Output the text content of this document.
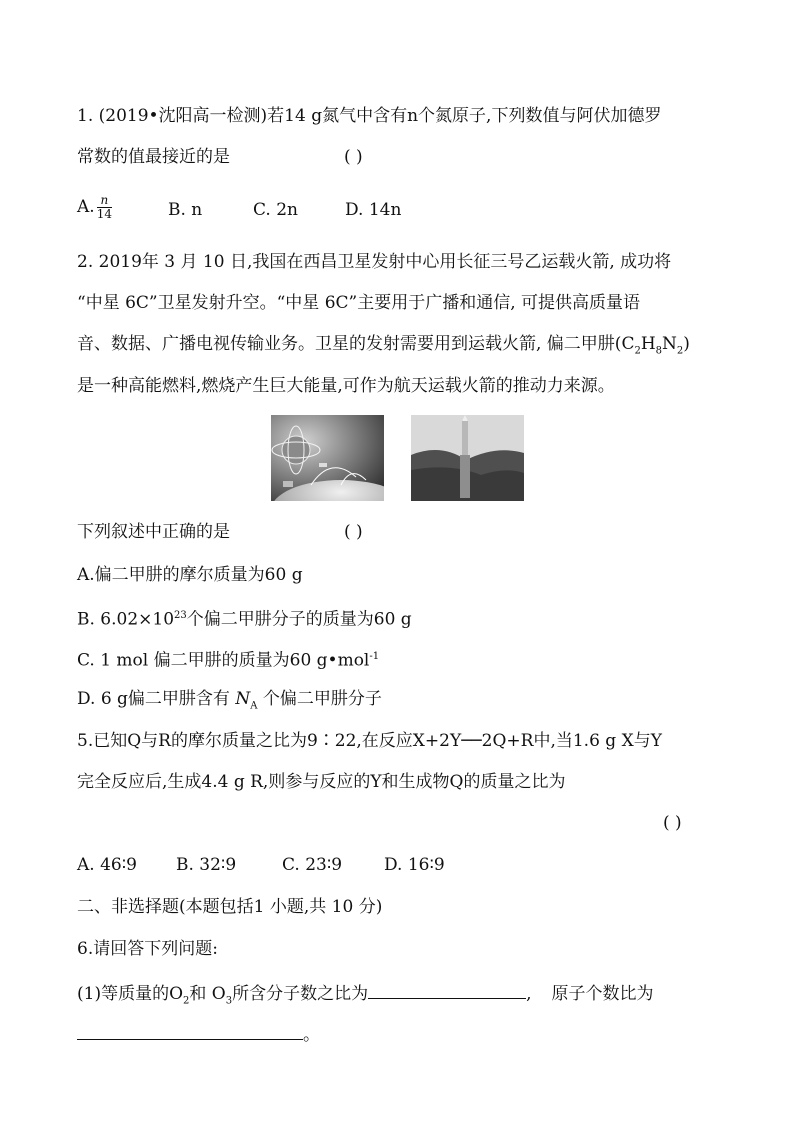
1. (2019•沈阳高一检测)若14 g氮气中含有n个氮原子,下列数值与阿伏加德罗
常数的值最接近的是	( )
A. $\frac{n}{14}$	B. n	C. 2n	D. 14n
2. 2019年 3 月 10 日,我国在西昌卫星发射中心用长征三号乙运载火箭, 成功将
“中星 6C”卫星发射升空。“中星 6C”主要用于广播和通信, 可提供高质量语
音、数据、广播电视传输业务。卫星的发射需要用到运载火箭, 偏二甲肼$(C_2H_8N_2)$
是一种高能燃料,燃烧产生巨大能量,可作为航天运载火箭的推动力来源。
下列叙述中正确的是	( )
A.偏二甲肼的摩尔质量为60 g
B. $6.02\times 10^{23}$个偏二甲肼分子的质量为60 g
C. 1 mol 偏二甲肼的质量为60 g•mol$^{-1}$
D. 6 g偏二甲肼含有 $N_A$ 个偏二甲肼分子
5.已知Q与R的摩尔质量之比为9∶22,在反应X+2Y──2Q+R中,当1.6 g X与Y
完全反应后,生成4.4 g R,则参与反应的Y和生成物Q的质量之比为
( )
A. 46∶9 B. 32∶9	C. 23∶9 D. 16∶9
二、非选择题(本题包括1 小题,共 10 分)
6.请回答下列问题:
(1)等质量的$O_2$和 $O_3$所含分子数之比为	, 原子个数比为
。
